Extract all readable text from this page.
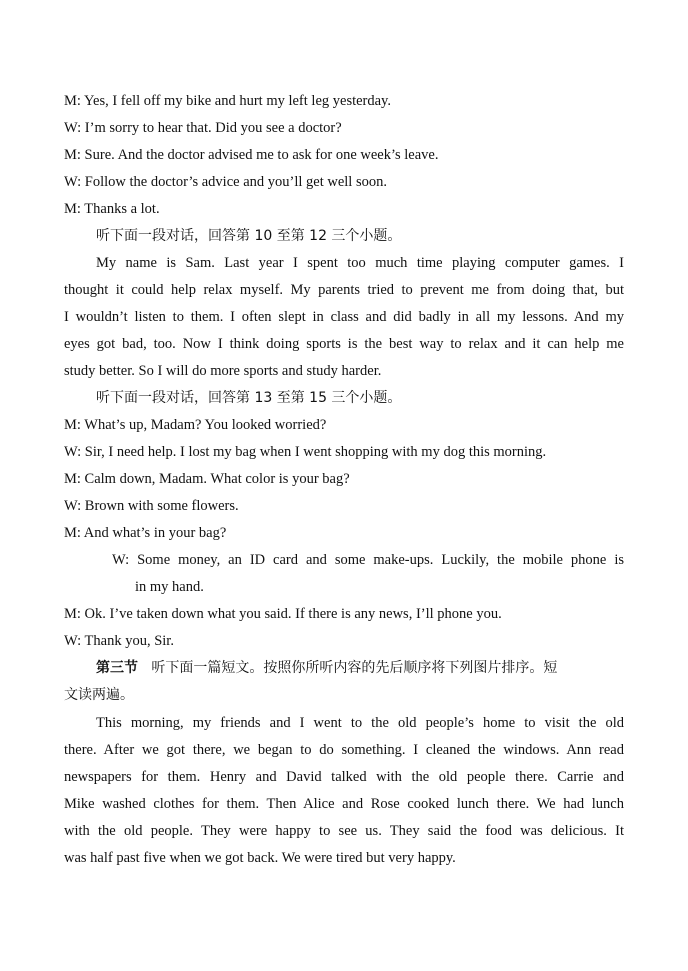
M: Yes, I fell off my bike and hurt my left leg yesterday.
W: I’m sorry to hear that. Did you see a doctor?
M: Sure. And the doctor advised me to ask for one week’s leave.
W: Follow the doctor’s advice and you’ll get well soon.
M: Thanks a lot.
听下面一段对话，回答第 10 至第 12 三个小题。
My name is Sam. Last year I spent too much time playing computer games. I
thought it could help relax myself. My parents tried to prevent me from doing that, but
I wouldn’t listen to them. I often slept in class and did badly in all my lessons. And my
eyes got bad, too. Now I think doing sports is the best way to relax and it can help me
study better. So I will do more sports and study harder.
听下面一段对话，回答第 13 至第 15 三个小题。
M: What’s up, Madam? You looked worried?
W: Sir, I need help. I lost my bag when I went shopping with my dog this morning.
M: Calm down, Madam. What color is your bag?
W: Brown with some flowers.
M: And what’s in your bag?
W: Some money, an ID card and some make-ups. Luckily, the mobile phone is
in my hand.
M: Ok. I’ve taken down what you said. If there is any news, I’ll phone you.
W: Thank you, Sir.
第三节 听下面一篇短文。按照你所听内容的先后顺序将下列图片排序。短
文读两遍。
This morning, my friends and I went to the old people’s home to visit the old
there. After we got there, we began to do something. I cleaned the windows. Ann read
newspapers for them. Henry and David talked with the old people there. Carrie and
Mike washed clothes for them. Then Alice and Rose cooked lunch there. We had lunch
with the old people. They were happy to see us. They said the food was delicious. It
was half past five when we got back. We were tired but very happy.
